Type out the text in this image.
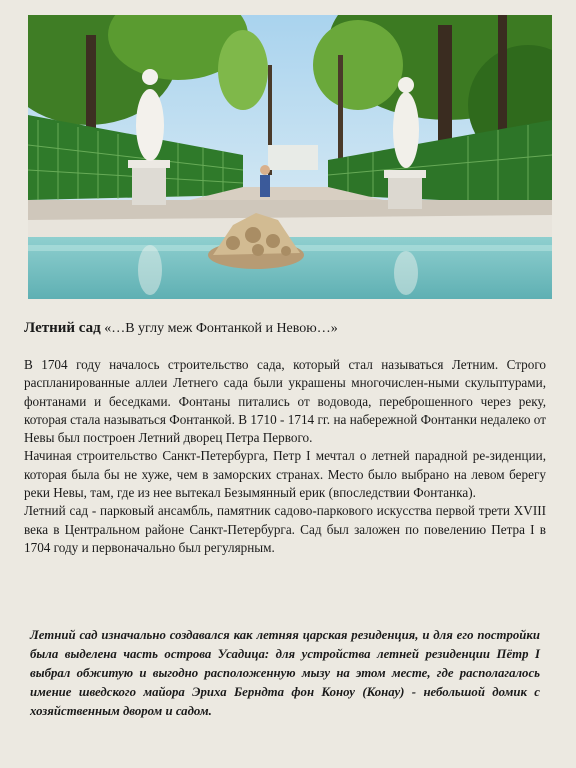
Летний сад «…В углу меж Фонтанкой и Невою…»

В 1704 году началось строительство сада, который стал называться Летним. Строго распланированные аллеи Летнего сада были украшены многочислен-ными скульптурами, фонтанами и беседками. Фонтаны питались от водовода, переброшенного через реку, которая стала называться Фонтанкой. В 1710 - 1714 гг. на набережной Фонтанки недалеко от Невы был построен Летний дворец Петра Первого.

Начиная строительство Санкт-Петербурга, Петр I мечтал о летней парадной ре-зиденции, которая была бы не хуже, чем в заморских странах. Место было выбрано на левом берегу реки Невы, там, где из нее вытекал Безымянный ерик (впоследствии Фонтанка).

Летний сад - парковый ансамбль, памятник садово-паркового искусства первой трети XVIII века в Центральном районе Санкт-Петербурга. Сад был заложен по повелению Петра I в 1704 году и первоначально был регулярным.

Летний сад изначально создавался как летняя царская резиденция, и для его постройки была выделена часть острова Усадица: для устройства летней резиденции Пётр I выбрал обжитую и выгодно расположенную мызу на этом месте, где располагалось имение шведского майора Эриха Берндта фон Коноу (Конау) - небольшой домик с хозяйственным двором и садом.
